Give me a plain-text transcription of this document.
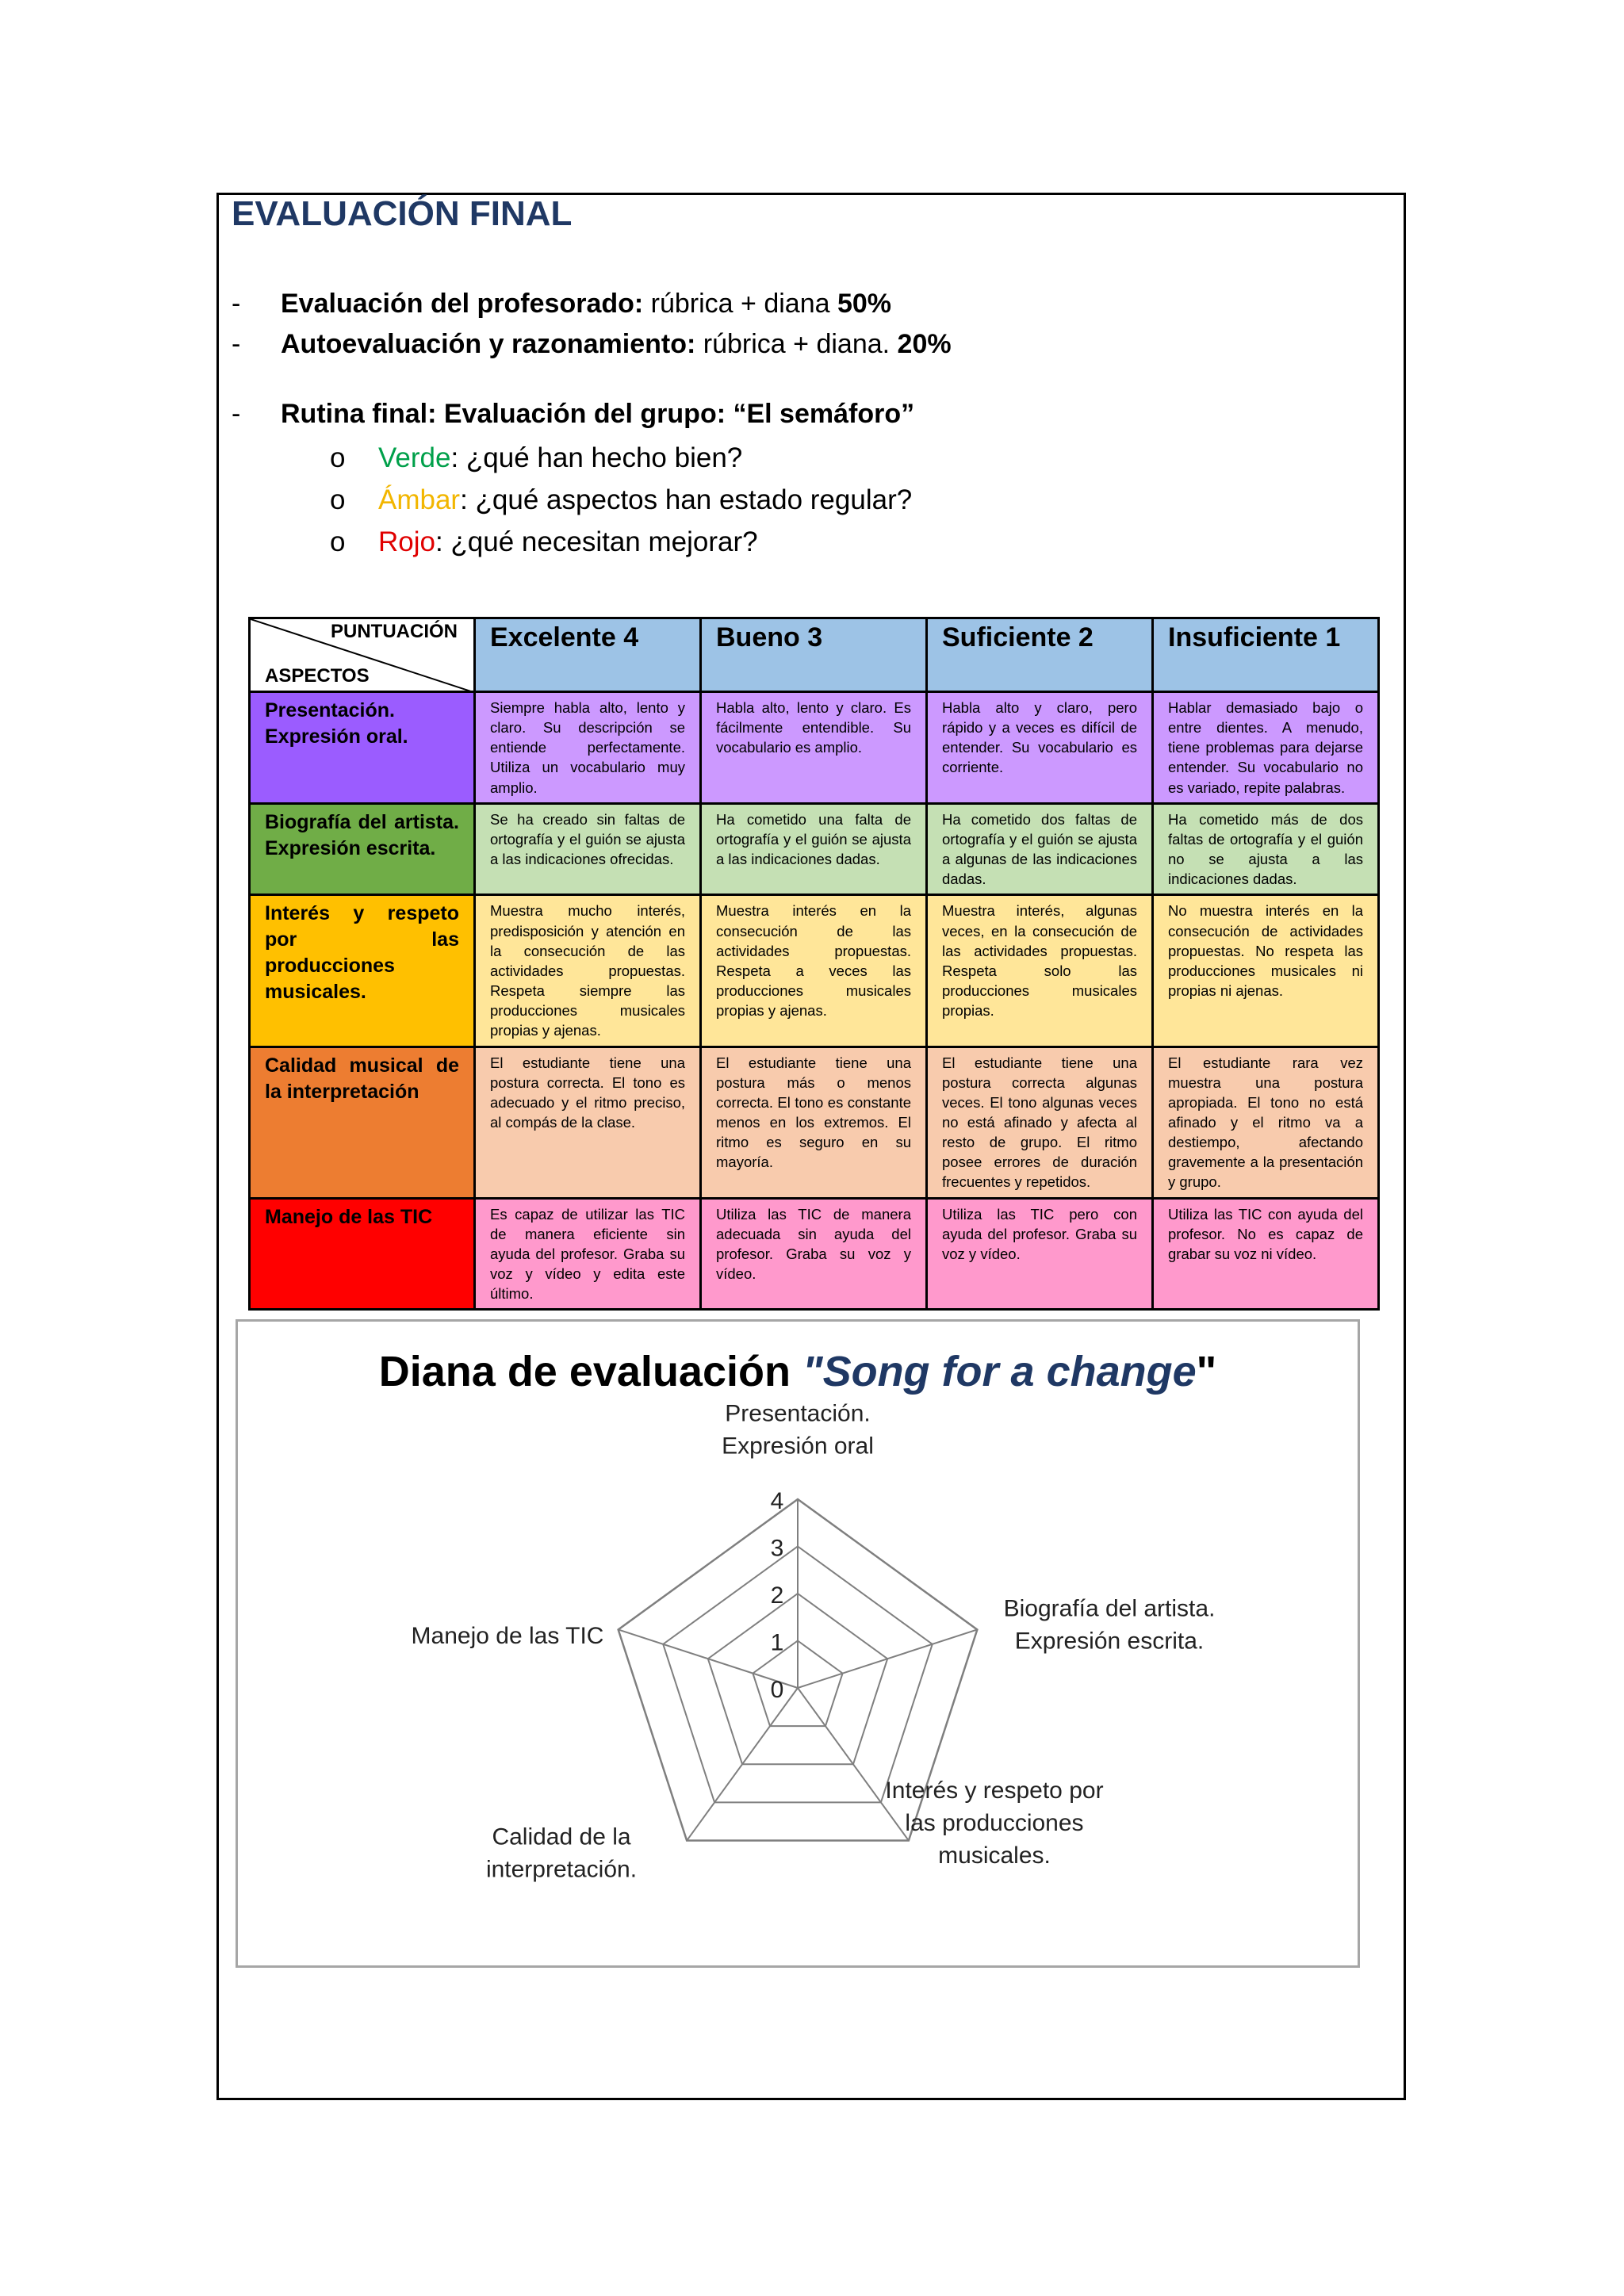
EVALUACIÓN FINAL
- Evaluación del profesorado: rúbrica + diana 50%
- Autoevaluación y razonamiento: rúbrica + diana. 20%
- Rutina final: Evaluación del grupo: “El semáforo”
o Verde: ¿qué han hecho bien?
o Ámbar: ¿qué aspectos han estado regular?
o Rojo: ¿qué necesitan mejorar?
PUNTUACIÓN
ASPECTOS	Excelente 4	Bueno 3	Suficiente 2	Insuficiente 1
Presentación. Expresión oral.	Siempre habla alto, lento y claro. Su descripción se entiende perfectamente. Utiliza un vocabulario muy amplio.	Habla alto, lento y claro. Es fácilmente entendible. Su vocabulario es amplio.	Habla alto y claro, pero rápido y a veces es difícil de entender. Su vocabulario es corriente.	Hablar demasiado bajo o entre dientes. A menudo, tiene problemas para dejarse entender. Su vocabulario no es variado, repite palabras.
Biografía del artista. Expresión escrita.	Se ha creado sin faltas de ortografía y el guión se ajusta a las indicaciones ofrecidas.	Ha cometido una falta de ortografía y el guión se ajusta a las indicaciones dadas.	Ha cometido dos faltas de ortografía y el guión se ajusta a algunas de las indicaciones dadas.	Ha cometido más de dos faltas de ortografía y el guión no se ajusta a las indicaciones dadas.
Interés y respeto por las producciones musicales.	Muestra mucho interés, predisposición y atención en la consecución de las actividades propuestas. Respeta siempre las producciones musicales propias y ajenas.	Muestra interés en la consecución de las actividades propuestas. Respeta a veces las producciones musicales propias y ajenas.	Muestra interés, algunas veces, en la consecución de las actividades propuestas. Respeta solo las producciones musicales propias.	No muestra interés en la consecución de actividades propuestas. No respeta las producciones musicales ni propias ni ajenas.
Calidad musical de la interpretación	El estudiante tiene una postura correcta. El tono es adecuado y el ritmo preciso, al compás de la clase.	El estudiante tiene una postura más o menos correcta. El tono es constante menos en los extremos. El ritmo es seguro en su mayoría.	El estudiante tiene una postura correcta algunas veces. El tono algunas veces no está afinado y afecta al resto de grupo. El ritmo posee errores de duración frecuentes y repetidos.	El estudiante rara vez muestra una postura apropiada. El tono no está afinado y el ritmo va a destiempo, afectando gravemente a la presentación y grupo.
Manejo de las TIC	Es capaz de utilizar las TIC de manera eficiente sin ayuda del profesor. Graba su voz y vídeo y edita este último.	Utiliza las TIC de manera adecuada sin ayuda del profesor. Graba su voz y vídeo.	Utiliza las TIC pero con ayuda del profesor. Graba su voz y vídeo.	Utiliza las TIC con ayuda del profesor. No es capaz de grabar su voz ni vídeo.
Diana de evaluación "Song for a change"
0
1
2
3
4
Presentación. Expresión oral
Biografía del artista. Expresión escrita.
Interés y respeto por las producciones musicales.
Calidad de la interpretación.
Manejo de las TIC
